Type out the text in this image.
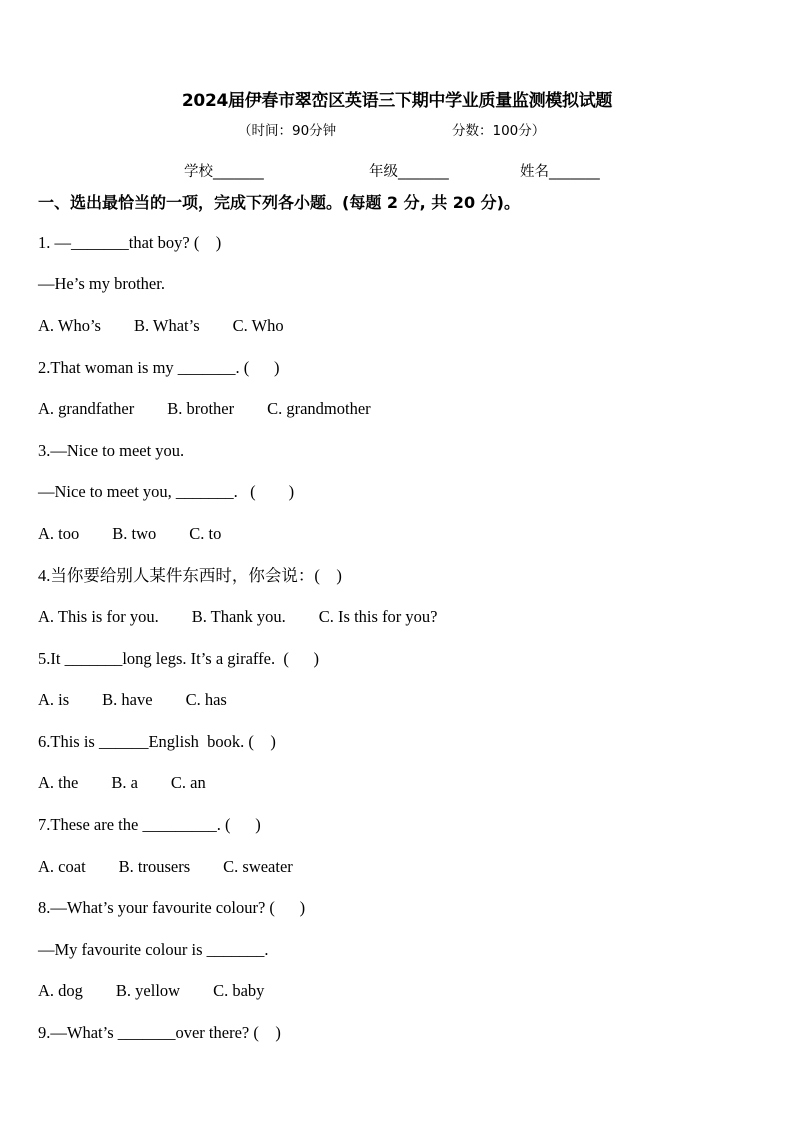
2024届伊春市翠峦区英语三下期中学业质量监测模拟试题
（时间：90分钟	分数：100分）
学校_______	年级_______	姓名_______
一、选出最恰当的一项，完成下列各小题。(每题 2 分, 共 20 分)。
1. —_______that boy? (    )
—He’s my brother.
A. Who’s        B. What’s        C. Who
2.That woman is my _______. (      )
A. grandfather        B. brother        C. grandmother
3.—Nice to meet you.
—Nice to meet you, _______.   (        )
A. too        B. two        C. to
4.当你要给别人某件东西时，你会说：(    )
A. This is for you.        B. Thank you.        C. Is this for you?
5.It _______long legs. It’s a giraffe.  (      )
A. is        B. have        C. has
6.This is ______English  book. (    )
A. the        B. a        C. an
7.These are the _________. (      )
A. coat        B. trousers        C. sweater
8.—What’s your favourite colour? (      )
—My favourite colour is _______.
A. dog        B. yellow        C. baby
9.—What’s _______over there? (    )
